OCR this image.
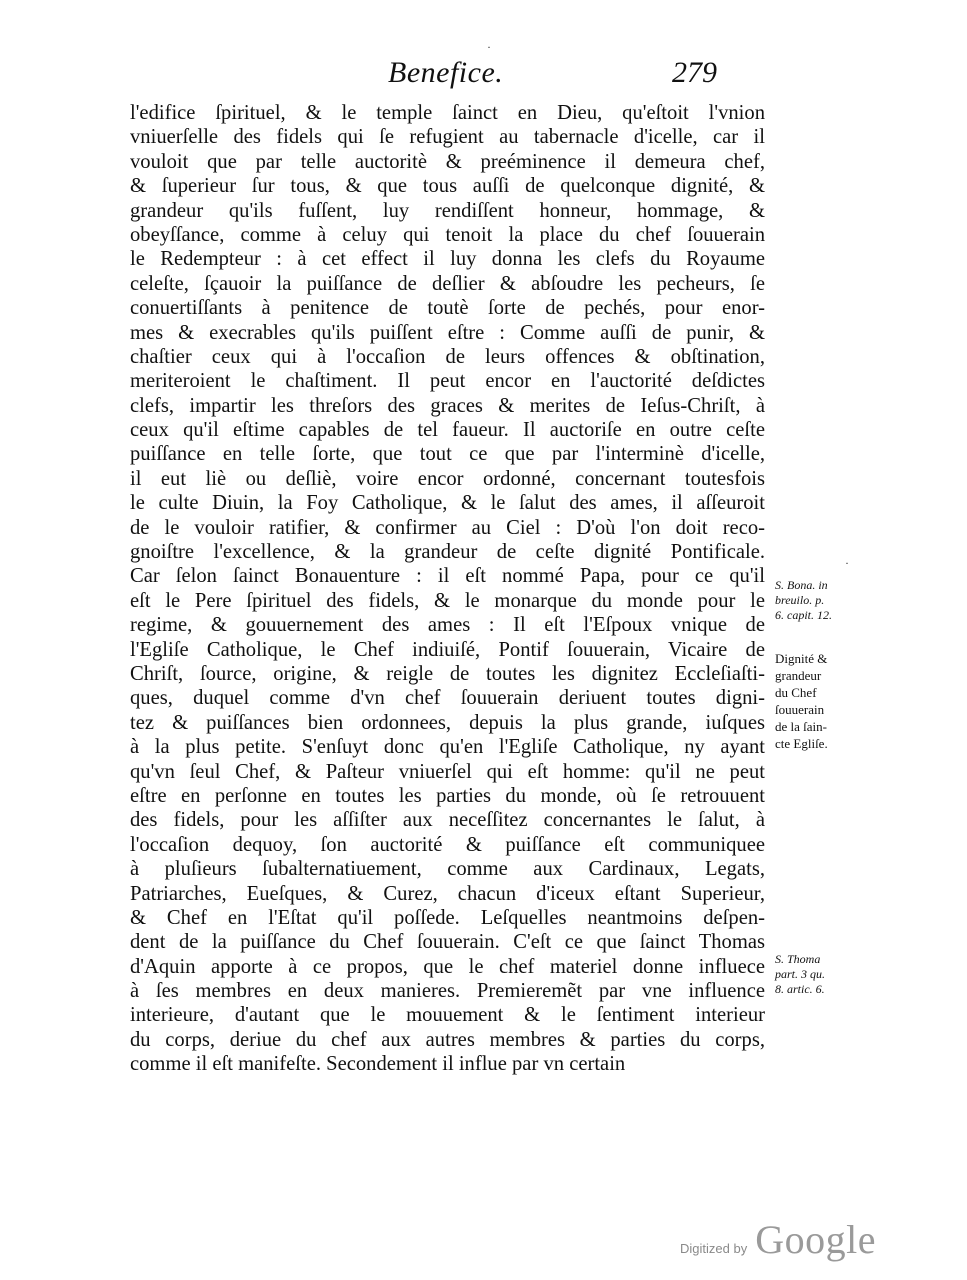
Benefice.	279
l'edifice ſpirituel, & le temple ſainct en Dieu, qu'eſtoit l'vnion
vniuerſelle des fidels qui ſe refugient au tabernacle d'icelle, car il
vouloit que par telle auctoritè & preéminence il demeura chef,
& ſuperieur ſur tous, & que tous auſſi de quelconque dignité, &
grandeur qu'ils fuſſent, luy rendiſſent honneur, hommage, &
obeyſſance, comme à celuy qui tenoit la place du chef ſouuerain
le Redempteur : à cet effect il luy donna les clefs du Royaume
celeſte, ſçauoir la puiſſance de deſlier & abſoudre les pecheurs, ſe
conuertiſſants à penitence de toutè ſorte de pechés, pour enor-
mes & execrables qu'ils puiſſent eſtre : Comme auſſi de punir, &
chaſtier ceux qui à l'occaſion de leurs offences & obſtination,
meriteroient le chaſtiment. Il peut encor en l'auctorité deſdictes
clefs, impartir les threſors des graces & merites de Ieſus-Chriſt, à
ceux qu'il eſtime capables de tel faueur. Il auctoriſe en outre ceſte
puiſſance en telle ſorte, que tout ce que par l'interminè d'icelle,
il eut liè ou deſliè, voire encor ordonné, concernant toutesfois
le culte Diuin, la Foy Catholique, & le ſalut des ames, il aſſeuroit
de le vouloir ratifier, & confirmer au Ciel : D'où l'on doit reco-
gnoiſtre l'excellence, & la grandeur de ceſte dignité Pontificale.
Car ſelon ſainct Bonauenture : il eſt nommé Papa, pour ce qu'il
eſt le Pere ſpirituel des fidels, & le monarque du monde pour le
regime, & gouuernement des ames : Il eſt l'Eſpoux vnique de
l'Egliſe Catholique, le Chef indiuiſé, Pontif ſouuerain, Vicaire de
Chriſt, ſource, origine, & reigle de toutes les dignitez Eccleſiaſti-
ques, duquel comme d'vn chef ſouuerain deriuent toutes digni-
tez & puiſſances bien ordonnees, depuis la plus grande, iuſques
à la plus petite. S'enſuyt donc qu'en l'Egliſe Catholique, ny ayant
qu'vn ſeul Chef, & Paſteur vniuerſel qui eſt homme: qu'il ne peut
eſtre en perſonne en toutes les parties du monde, où ſe retrouuent
des fidels, pour les aſſiſter aux neceſſitez concernantes le ſalut, à
l'occaſion dequoy, ſon auctorité & puiſſance eſt communiquee
à pluſieurs ſubalternatiuement, comme aux Cardinaux, Legats,
Patriarches, Eueſques, & Curez, chacun d'iceux eſtant Superieur,
& Chef en l'Eſtat qu'il poſſede. Leſquelles neantmoins deſpen-
dent de la puiſſance du Chef ſouuerain. C'eſt ce que ſainct Thomas
d'Aquin apporte à ce propos, que le chef materiel donne influece
à ſes membres en deux manieres. Premieremẽt par vne influence
interieure, d'autant que le mouuement & le ſentiment interieur
du corps, deriue du chef aux autres membres & parties du corps,
comme il eſt manifeſte. Secondement il influe par vn certain
S. Bona. in
breuilo. p.
6. capit. 12.
Dignité &
grandeur
du Chef
ſouuerain
de la ſain-
cte Egliſe.
S. Thoma
part. 3 qu.
8. artic. 6.
·
·
Digitized by Google
